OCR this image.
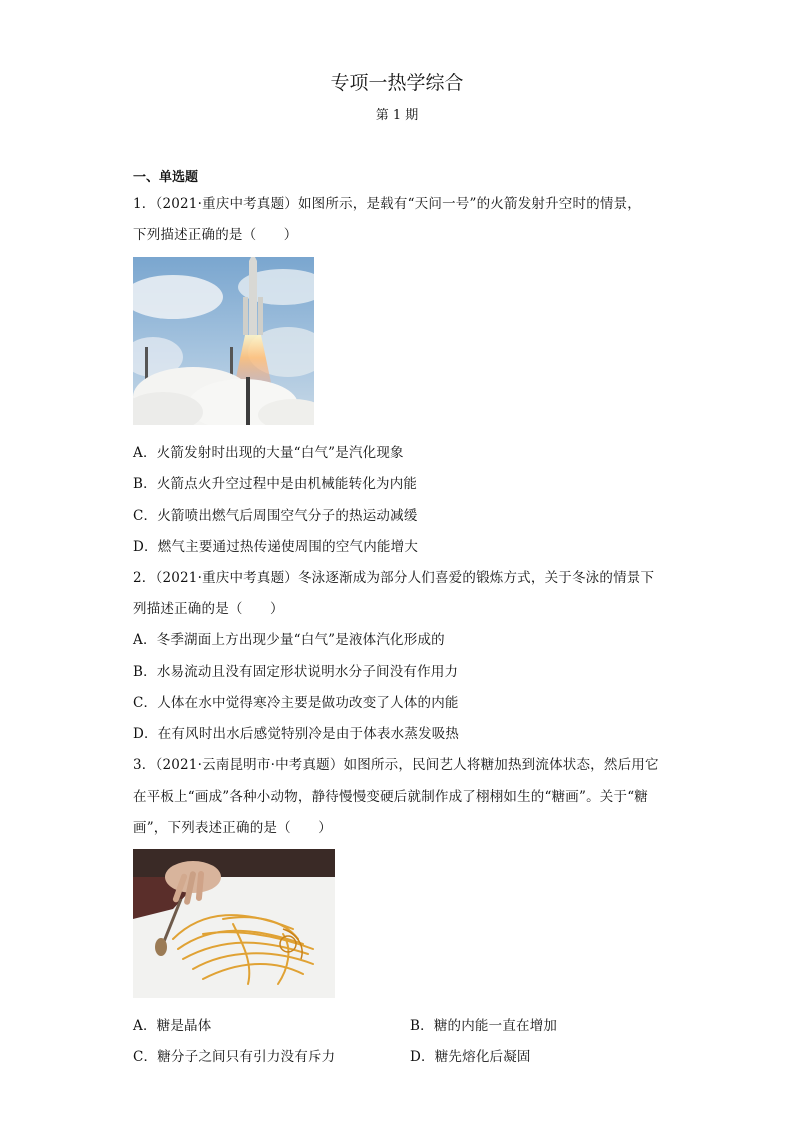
专项一热学综合
第 1 期
一、单选题
1．（2021·重庆中考真题）如图所示，是载有“天问一号”的火箭发射升空时的情景，
下列描述正确的是（　　）
A．火箭发射时出现的大量“白气”是汽化现象
B．火箭点火升空过程中是由机械能转化为内能
C．火箭喷出燃气后周围空气分子的热运动减缓
D．燃气主要通过热传递使周围的空气内能增大
2．（2021·重庆中考真题）冬泳逐渐成为部分人们喜爱的锻炼方式，关于冬泳的情景下
列描述正确的是（　　）
A．冬季湖面上方出现少量“白气”是液体汽化形成的
B．水易流动且没有固定形状说明水分子间没有作用力
C．人体在水中觉得寒冷主要是做功改变了人体的内能
D．在有风时出水后感觉特别冷是由于体表水蒸发吸热
3．（2021·云南昆明市·中考真题）如图所示，民间艺人将糖加热到流体状态，然后用它
在平板上“画成”各种小动物，静待慢慢变硬后就制作成了栩栩如生的“糖画”。关于“糖
画”，下列表述正确的是（　　）
A．糖是晶体	B．糖的内能一直在增加
C．糖分子之间只有引力没有斥力	D．糖先熔化后凝固
